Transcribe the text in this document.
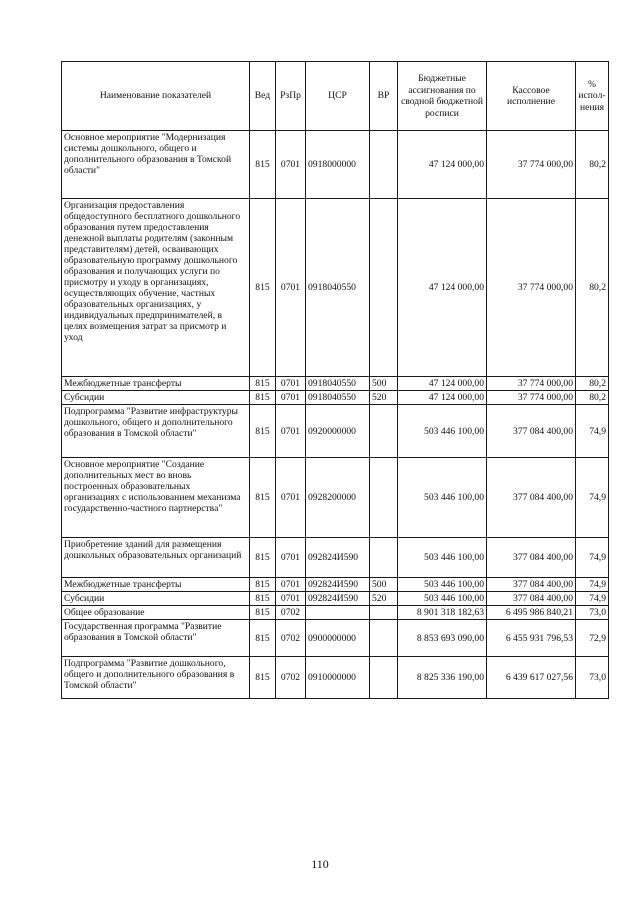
Наименование показателей	Вед	РзПр	ЦСР	ВР	Бюджетные ассигнования по сводной бюджетной росписи	Кассовое исполнение	% испол-нения
Основное мероприятие "Модернизация системы дошкольного, общего и дополнительного образования в Томской области"	815	0701	0918000000		47 124 000,00	37 774 000,00	80,2
Организация предоставления общедоступного бесплатного дошкольного образования путем предоставления денежной выплаты родителям (законным представителям) детей, осваивающих образовательную программу дошкольного образования и получающих услуги по присмотру и уходу в организациях, осуществляющих обучение, частных образовательных организациях, у индивидуальных предпринимателей, в целях возмещения затрат за присмотр и уход	815	0701	0918040550		47 124 000,00	37 774 000,00	80,2
Межбюджетные трансферты	815	0701	0918040550	500	47 124 000,00	37 774 000,00	80,2
Субсидии	815	0701	0918040550	520	47 124 000,00	37 774 000,00	80,2
Подпрограмма "Развитие инфраструктуры дошкольного, общего и дополнительного образования в Томской области"	815	0701	0920000000		503 446 100,00	377 084 400,00	74,9
Основное мероприятие "Создание дополнительных мест во вновь построенных образовательных организациях с использованием механизма государственно-частного партнерства"	815	0701	0928200000		503 446 100,00	377 084 400,00	74,9
Приобретение зданий для размещения дошкольных образовательных организаций	815	0701	092824И590		503 446 100,00	377 084 400,00	74,9
Межбюджетные трансферты	815	0701	092824И590	500	503 446 100,00	377 084 400,00	74,9
Субсидии	815	0701	092824И590	520	503 446 100,00	377 084 400,00	74,9
Общее образование	815	0702			8 901 318 182,63	6 495 986 840,21	73,0
Государственная программа "Развитие образования в Томской области"	815	0702	0900000000		8 853 693 090,00	6 455 931 796,53	72,9
Подпрограмма "Развитие дошкольного, общего и дополнительного образования в Томской области"	815	0702	0910000000		8 825 336 190,00	6 439 617 027,56	73,0
110
